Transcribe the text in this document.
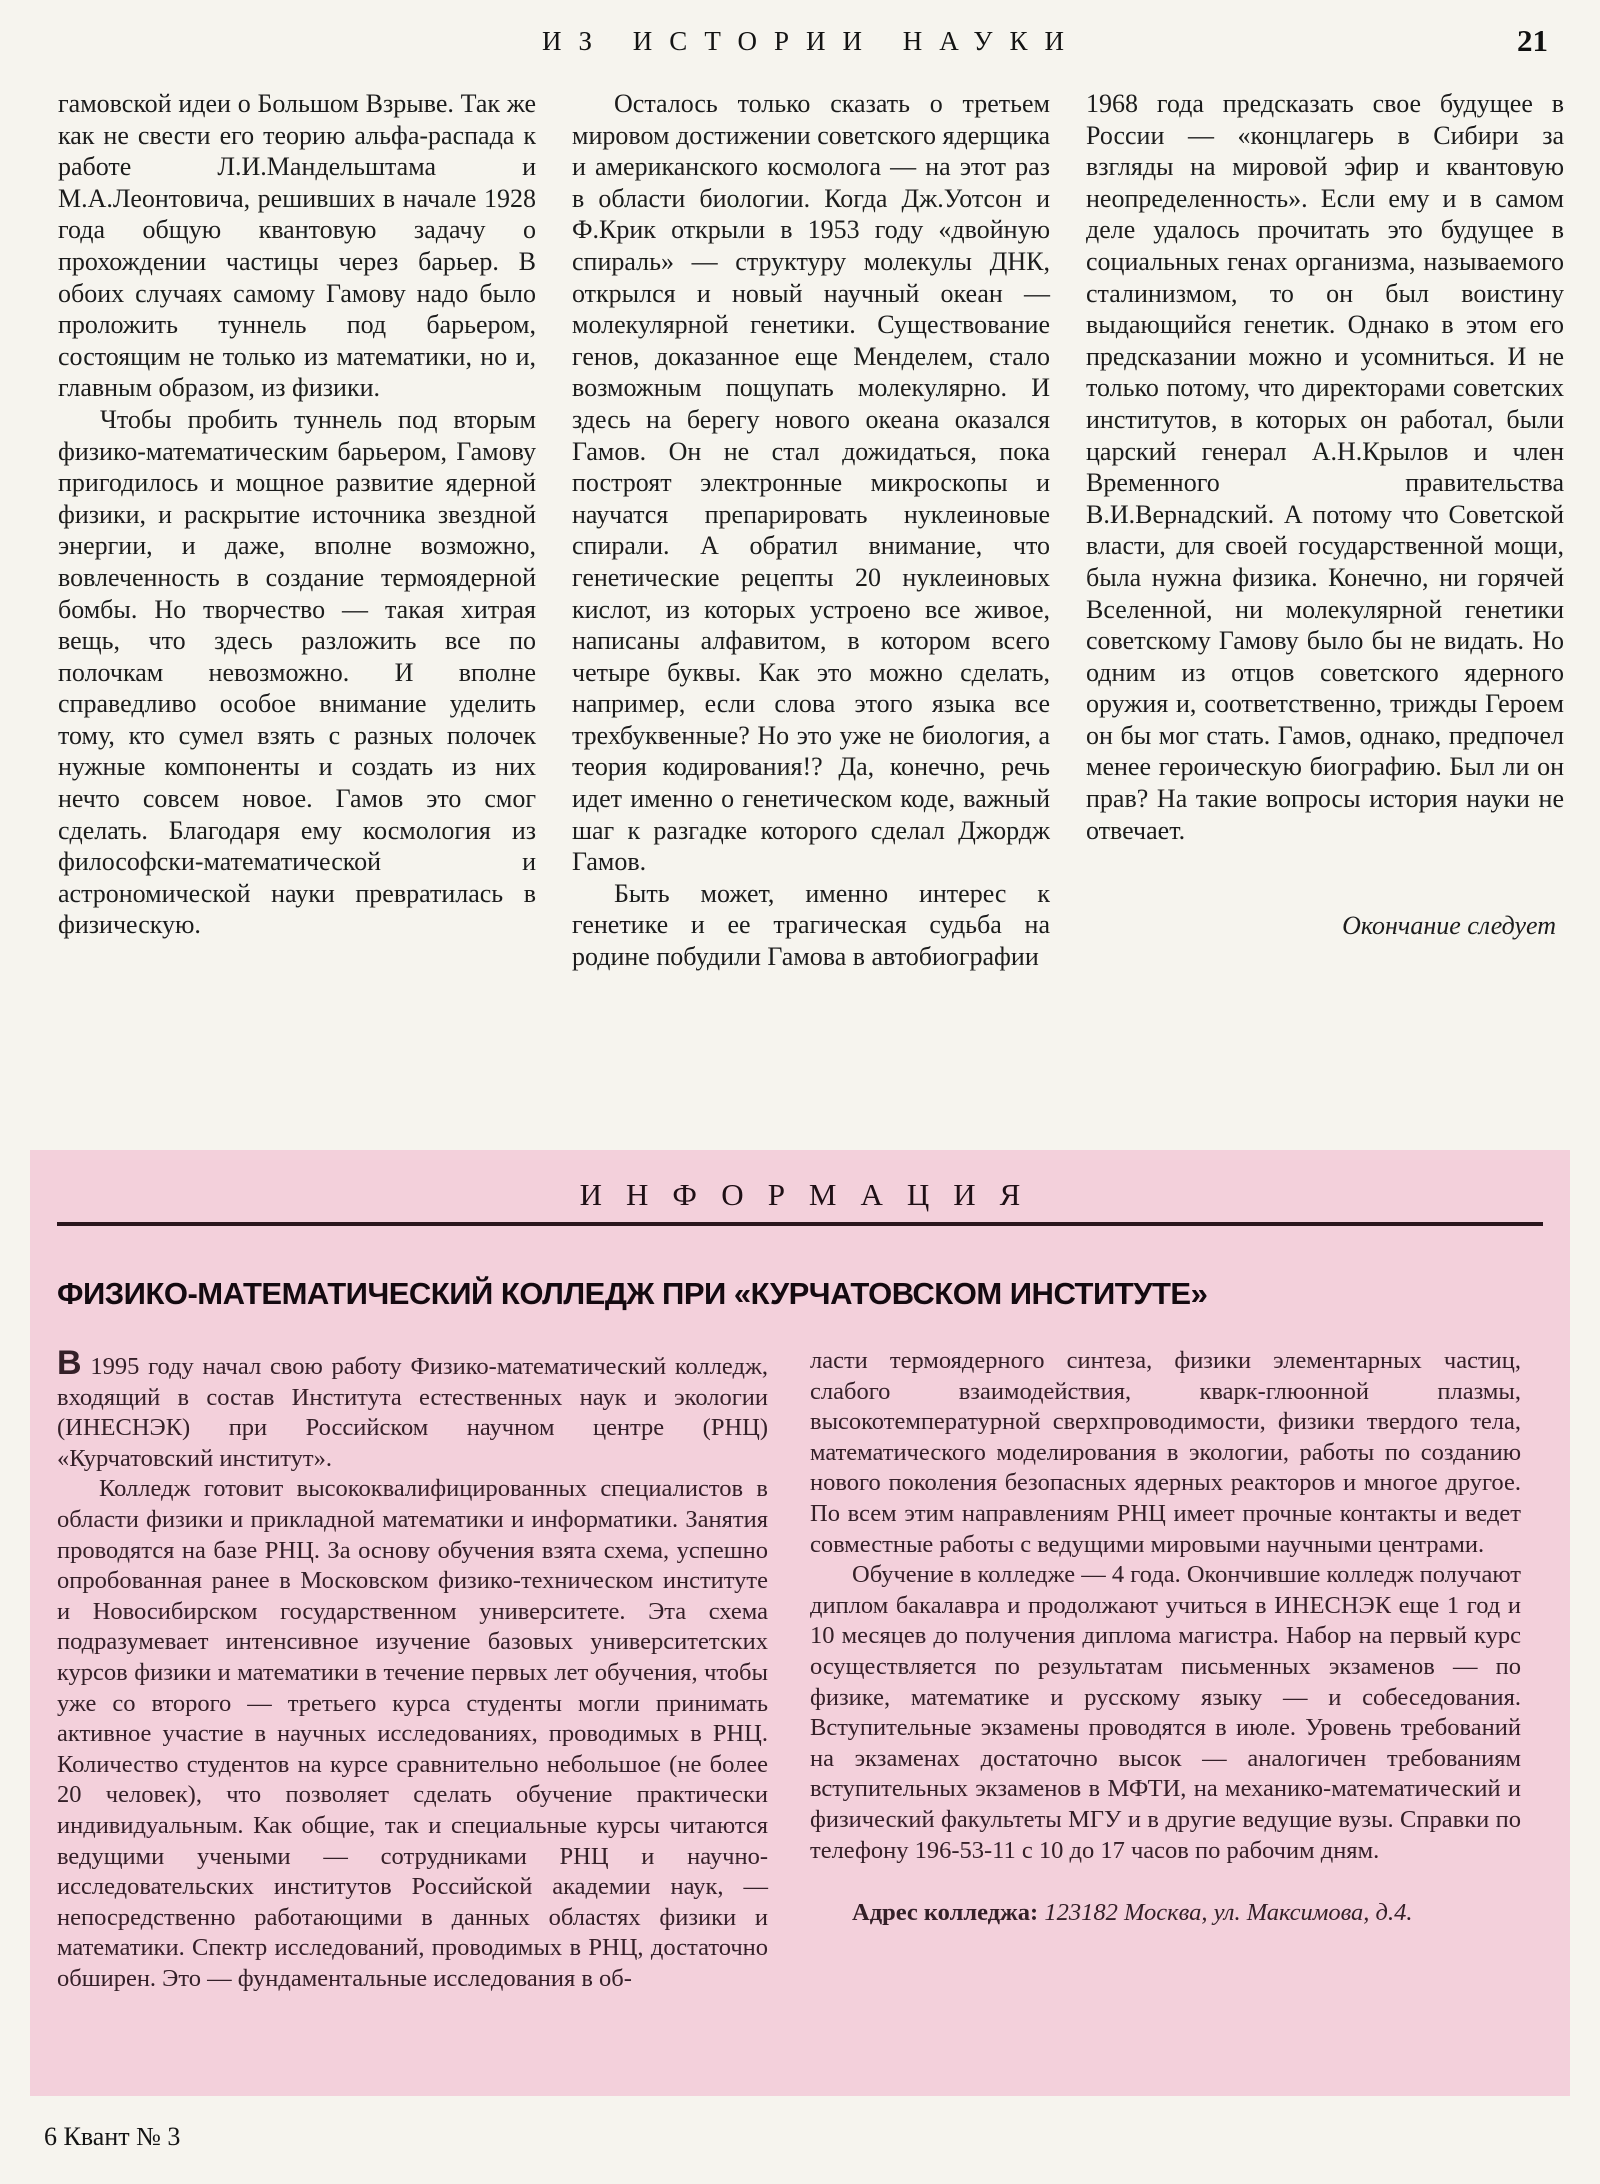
ИЗ ИСТОРИИ НАУКИ	21

гамовской идеи о Большом Взрыве. Так же как не свести его теорию альфа-распада к работе Л.И.Мандельштама и М.А.Леонтовича, решивших в начале 1928 года общую квантовую задачу о прохождении частицы через барьер. В обоих случаях самому Гамову надо было проложить туннель под барьером, состоящим не только из математики, но и, главным образом, из физики.

Чтобы пробить туннель под вторым физико-математическим барьером, Гамову пригодилось и мощное развитие ядерной физики, и раскрытие источника звездной энергии, и даже, вполне возможно, вовлеченность в создание термоядерной бомбы. Но творчество — такая хитрая вещь, что здесь разложить все по полочкам невозможно. И вполне справедливо особое внимание уделить тому, кто сумел взять с разных полочек нужные компоненты и создать из них нечто совсем новое. Гамов это смог сделать. Благодаря ему космология из философски-математической и астрономической науки превратилась в физическую.

Осталось только сказать о третьем мировом достижении советского ядерщика и американского космолога — на этот раз в области биологии. Когда Дж.Уотсон и Ф.Крик открыли в 1953 году «двойную спираль» — структуру молекулы ДНК, открылся и новый научный океан — молекулярной генетики. Существование генов, доказанное еще Менделем, стало возможным пощупать молекулярно. И здесь на берегу нового океана оказался Гамов. Он не стал дожидаться, пока построят электронные микроскопы и научатся препарировать нуклеиновые спирали. А обратил внимание, что генетические рецепты 20 нуклеиновых кислот, из которых устроено все живое, написаны алфавитом, в котором всего четыре буквы. Как это можно сделать, например, если слова этого языка все трехбуквенные? Но это уже не биология, а теория кодирования!? Да, конечно, речь идет именно о генетическом коде, важный шаг к разгадке которого сделал Джордж Гамов.

Быть может, именно интерес к генетике и ее трагическая судьба на родине побудили Гамова в автобиографии

1968 года предсказать свое будущее в России — «концлагерь в Сибири за взгляды на мировой эфир и квантовую неопределенность». Если ему и в самом деле удалось прочитать это будущее в социальных генах организма, называемого сталинизмом, то он был воистину выдающийся генетик. Однако в этом его предсказании можно и усомниться. И не только потому, что директорами советских институтов, в которых он работал, были царский генерал А.Н.Крылов и член Временного правительства В.И.Вернадский. А потому что Советской власти, для своей государственной мощи, была нужна физика. Конечно, ни горячей Вселенной, ни молекулярной генетики советскому Гамову было бы не видать. Но одним из отцов советского ядерного оружия и, соответственно, трижды Героем он бы мог стать. Гамов, однако, предпочел менее героическую биографию. Был ли он прав? На такие вопросы история науки не отвечает.

Окончание следует

ИНФОРМАЦИЯ
ФИЗИКО-МАТЕМАТИЧЕСКИЙ КОЛЛЕДЖ ПРИ «КУРЧАТОВСКОМ ИНСТИТУТЕ»

В 1995 году начал свою работу Физико-математический колледж, входящий в состав Института естественных наук и экологии (ИНЕСНЭК) при Российском научном центре (РНЦ) «Курчатовский институт».

Колледж готовит высококвалифицированных специалистов в области физики и прикладной математики и информатики. Занятия проводятся на базе РНЦ. За основу обучения взята схема, успешно опробованная ранее в Московском физико-техническом институте и Новосибирском государственном университете. Эта схема подразумевает интенсивное изучение базовых университетских курсов физики и математики в течение первых лет обучения, чтобы уже со второго — третьего курса студенты могли принимать активное участие в научных исследованиях, проводимых в РНЦ. Количество студентов на курсе сравнительно небольшое (не более 20 человек), что позволяет сделать обучение практически индивидуальным. Как общие, так и специальные курсы читаются ведущими учеными — сотрудниками РНЦ и научно-исследовательских институтов Российской академии наук, — непосредственно работающими в данных областях физики и математики. Спектр исследований, проводимых в РНЦ, достаточно обширен. Это — фундаментальные исследования в об-

ласти термоядерного синтеза, физики элементарных частиц, слабого взаимодействия, кварк-глюонной плазмы, высокотемпературной сверхпроводимости, физики твердого тела, математического моделирования в экологии, работы по созданию нового поколения безопасных ядерных реакторов и многое другое. По всем этим направлениям РНЦ имеет прочные контакты и ведет совместные работы с ведущими мировыми научными центрами.

Обучение в колледже — 4 года. Окончившие колледж получают диплом бакалавра и продолжают учиться в ИНЕСНЭК еще 1 год и 10 месяцев до получения диплома магистра. Набор на первый курс осуществляется по результатам письменных экзаменов — по физике, математике и русскому языку — и собеседования. Вступительные экзамены проводятся в июле. Уровень требований на экзаменах достаточно высок — аналогичен требованиям вступительных экзаменов в МФТИ, на механико-математический и физический факультеты МГУ и в другие ведущие вузы. Справки по телефону 196-53-11 с 10 до 17 часов по рабочим дням.

Адрес колледжа: 123182 Москва, ул. Максимова, д.4.

6 Квант № 3
